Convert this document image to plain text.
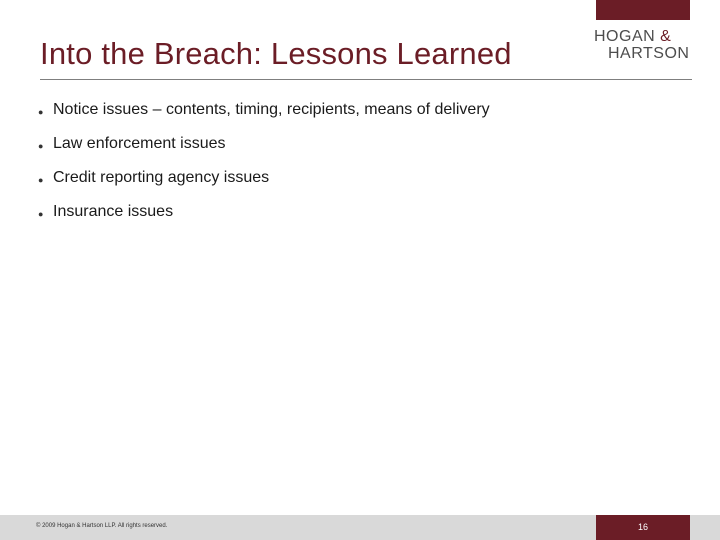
Into the Breach: Lessons Learned	HOGAN &
HARTSON
● Notice issues – contents, timing, recipients, means of delivery
● Law enforcement issues
● Credit reporting agency issues
● Insurance issues
© 2009 Hogan & Hartson LLP. All rights reserved.	16
